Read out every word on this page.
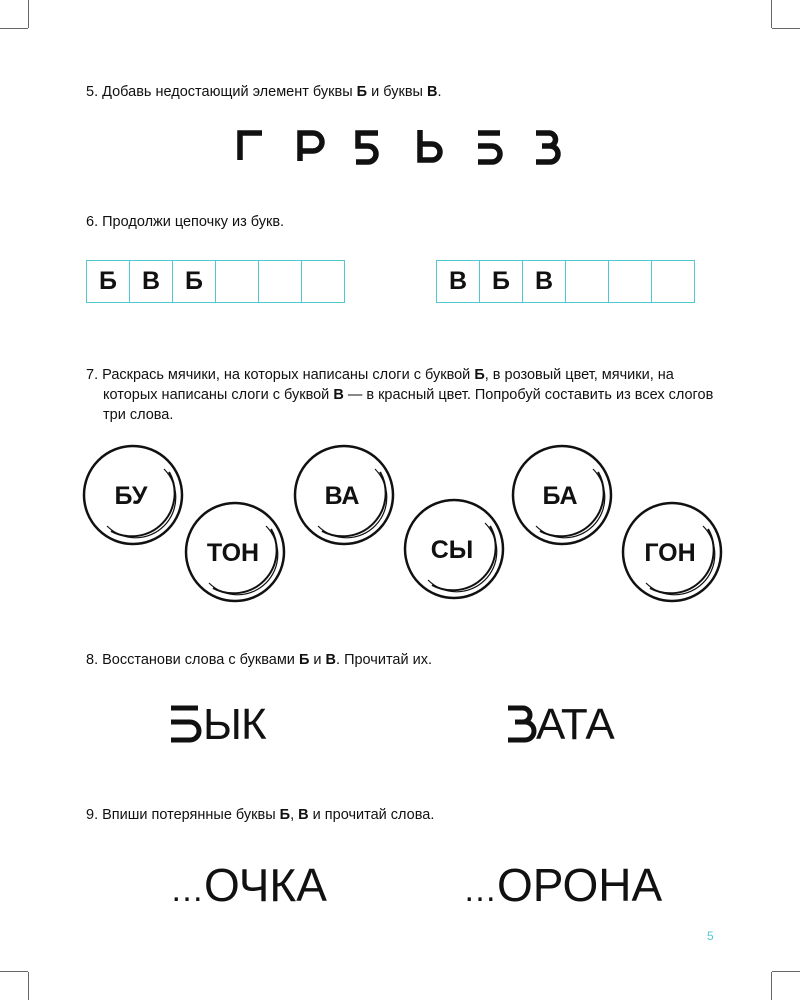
5. Добавь недостающий элемент буквы Б и буквы В.
6. Продолжи цепочку из букв.
Б В Б	В Б В
7. Раскрась мячики, на которых написаны слоги с буквой Б, в розовый цвет, мячики, на
которых написаны слоги с буквой В — в красный цвет. Попробуй составить из всех слогов
три слова.
БУ
ТОН
ВА
СЫ
БА
ГОН
8. Восстанови слова с буквами Б и В. Прочитай их.
ЫК	АТА
9. Впиши потерянные буквы Б, В и прочитай слова.
…ОЧКА	…ОРОНА
5
